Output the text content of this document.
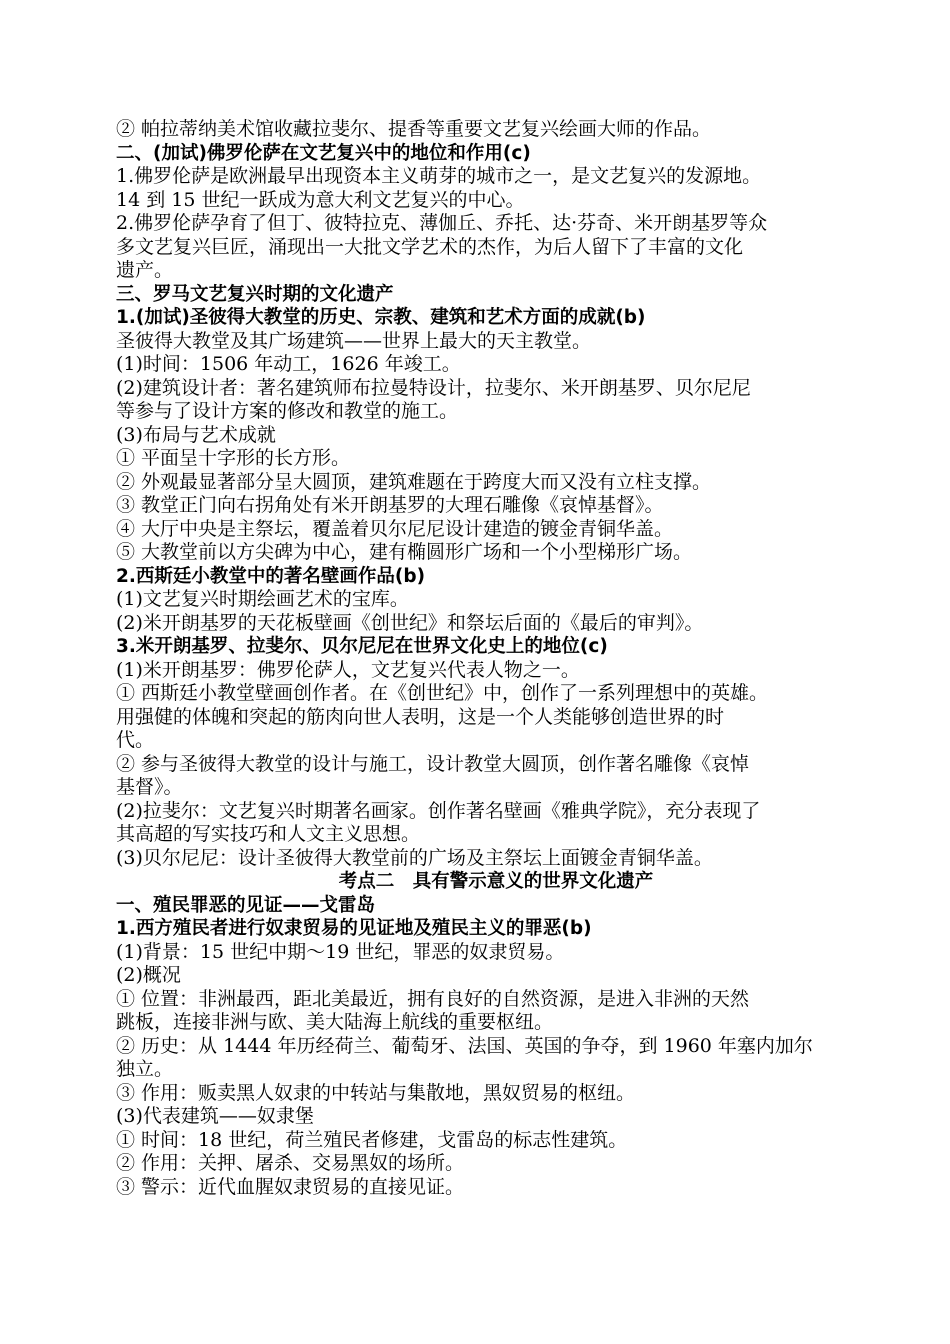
② 帕拉蒂纳美术馆收藏拉斐尔、提香等重要文艺复兴绘画大师的作品。
二、(加试)佛罗伦萨在文艺复兴中的地位和作用(c)
1.佛罗伦萨是欧洲最早出现资本主义萌芽的城市之一，是文艺复兴的发源地。
14 到 15 世纪一跃成为意大利文艺复兴的中心。
2.佛罗伦萨孕育了但丁、彼特拉克、薄伽丘、乔托、达·芬奇、米开朗基罗等众
多文艺复兴巨匠，涌现出一大批文学艺术的杰作，为后人留下了丰富的文化
遗产。
三、罗马文艺复兴时期的文化遗产
1.(加试)圣彼得大教堂的历史、宗教、建筑和艺术方面的成就(b)
圣彼得大教堂及其广场建筑——世界上最大的天主教堂。
(1)时间：1506 年动工，1626 年竣工。
(2)建筑设计者：著名建筑师布拉曼特设计，拉斐尔、米开朗基罗、贝尔尼尼
等参与了设计方案的修改和教堂的施工。
(3)布局与艺术成就
① 平面呈十字形的长方形。
② 外观最显著部分呈大圆顶，建筑难题在于跨度大而又没有立柱支撑。
③ 教堂正门向右拐角处有米开朗基罗的大理石雕像《哀悼基督》。
④ 大厅中央是主祭坛，覆盖着贝尔尼尼设计建造的镀金青铜华盖。
⑤ 大教堂前以方尖碑为中心，建有椭圆形广场和一个小型梯形广场。
2.西斯廷小教堂中的著名壁画作品(b)
(1)文艺复兴时期绘画艺术的宝库。
(2)米开朗基罗的天花板壁画《创世纪》和祭坛后面的《最后的审判》。
3.米开朗基罗、拉斐尔、贝尔尼尼在世界文化史上的地位(c)
(1)米开朗基罗：佛罗伦萨人，文艺复兴代表人物之一。
① 西斯廷小教堂壁画创作者。在《创世纪》中，创作了一系列理想中的英雄。
用强健的体魄和突起的筋肉向世人表明，这是一个人类能够创造世界的时
代。
② 参与圣彼得大教堂的设计与施工，设计教堂大圆顶，创作著名雕像《哀悼
基督》。
(2)拉斐尔：文艺复兴时期著名画家。创作著名壁画《雅典学院》，充分表现了
其高超的写实技巧和人文主义思想。
(3)贝尔尼尼：设计圣彼得大教堂前的广场及主祭坛上面镀金青铜华盖。
考点二　具有警示意义的世界文化遗产
一、殖民罪恶的见证——戈雷岛
1.西方殖民者进行奴隶贸易的见证地及殖民主义的罪恶(b)
(1)背景：15 世纪中期～19 世纪，罪恶的奴隶贸易。
(2)概况
① 位置：非洲最西，距北美最近，拥有良好的自然资源，是进入非洲的天然
跳板，连接非洲与欧、美大陆海上航线的重要枢纽。
② 历史：从 1444 年历经荷兰、葡萄牙、法国、英国的争夺，到 1960 年塞内加尔
独立。
③ 作用：贩卖黑人奴隶的中转站与集散地，黑奴贸易的枢纽。
(3)代表建筑——奴隶堡
① 时间：18 世纪，荷兰殖民者修建，戈雷岛的标志性建筑。
② 作用：关押、屠杀、交易黑奴的场所。
③ 警示：近代血腥奴隶贸易的直接见证。
